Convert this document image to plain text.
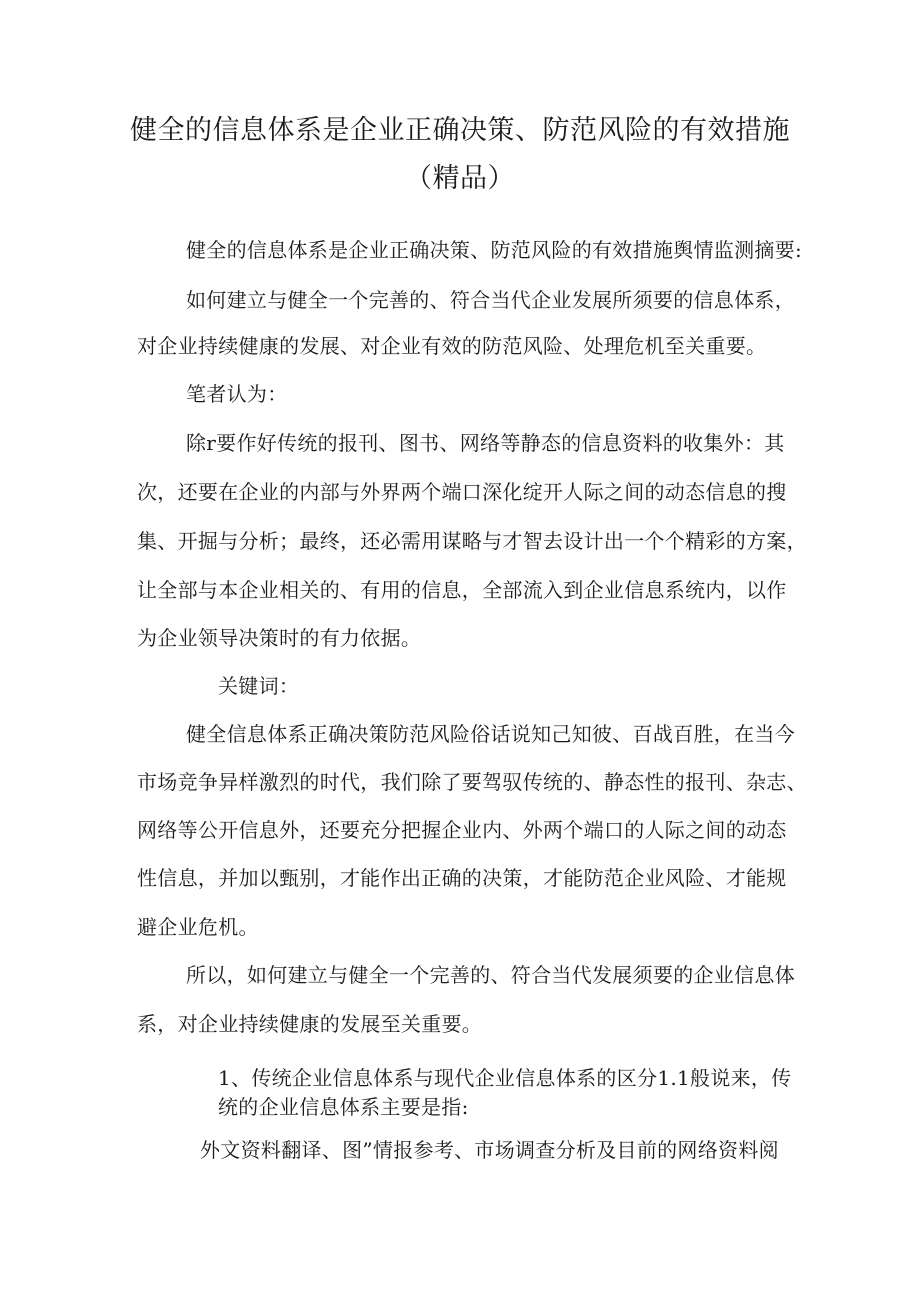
健全的信息体系是企业正确决策、防范风险的有效措施
（精品）
健全的信息体系是企业正确决策、防范风险的有效措施舆情监测摘要:
如何建立与健全一个完善的、符合当代企业发展所须要的信息体系，
对企业持续健康的发展、对企业有效的防范风险、处理危机至关重要。
笔者认为：
除r要作好传统的报刊、图书、网络等静态的信息资料的收集外：其
次，还要在企业的内部与外界两个端口深化绽开人际之间的动态信息的搜
集、开掘与分析；最终，还必需用谋略与才智去设计出一个个精彩的方案，
让全部与本企业相关的、有用的信息，全部流入到企业信息系统内，以作
为企业领导决策时的有力依据。
关键词：
健全信息体系正确决策防范风险俗话说知己知彼、百战百胜，在当今
市场竞争异样激烈的时代，我们除了要驾驭传统的、静态性的报刊、杂志、
网络等公开信息外，还要充分把握企业内、外两个端口的人际之间的动态
性信息，并加以甄别，才能作出正确的决策，才能防范企业风险、才能规
避企业危机。
所以，如何建立与健全一个完善的、符合当代发展须要的企业信息体
系，对企业持续健康的发展至关重要。
1、传统企业信息体系与现代企业信息体系的区分1.1般说来，传
统的企业信息体系主要是指:
外文资料翻译、图”情报参考、市场调查分析及目前的网络资料阅
